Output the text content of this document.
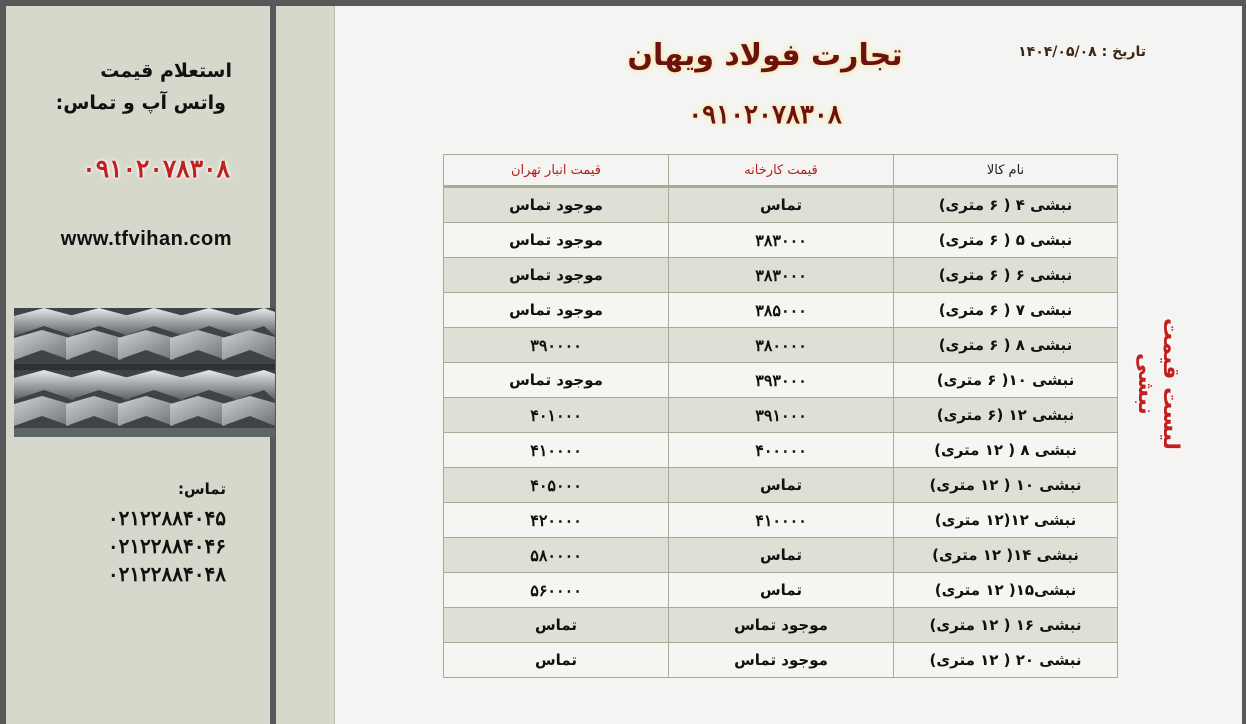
استعلام قیمت
واتس آپ و تماس:
۰۹۱۰۲۰۷۸۳۰۸
www.tfvihan.com
تماس:
۰۲۱۲۲۸۸۴۰۴۵
۰۲۱۲۲۸۸۴۰۴۶
۰۲۱۲۲۸۸۴۰۴۸
تاریخ : ۱۴۰۴/۰۵/۰۸
تجارت فولاد ویهان
۰۹۱۰۲۰۷۸۳۰۸
لیست قیمت نبشی
نام کالا	قیمت کارخانه	قیمت انبار تهران
نبشی ۴ ( ۶ متری)	تماس	موجود تماس
نبشی ۵ ( ۶ متری)	۳۸۳۰۰۰	موجود تماس
نبشی ۶ ( ۶ متری)	۳۸۳۰۰۰	موجود تماس
نبشی ۷ ( ۶ متری)	۳۸۵۰۰۰	موجود تماس
نبشی ۸ ( ۶ متری)	۳۸۰۰۰۰	۳۹۰۰۰۰
نبشی ۱۰( ۶ متری)	۳۹۳۰۰۰	موجود تماس
نبشی ۱۲ (۶ متری)	۳۹۱۰۰۰	۴۰۱۰۰۰
نبشی ۸ ( ۱۲ متری)	۴۰۰۰۰۰	۴۱۰۰۰۰
نبشی ۱۰ ( ۱۲ متری)	تماس	۴۰۵۰۰۰
نبشی ۱۲(۱۲ متری)	۴۱۰۰۰۰	۴۲۰۰۰۰
نبشی ۱۴( ۱۲ متری)	تماس	۵۸۰۰۰۰
نبشی۱۵( ۱۲ متری)	تماس	۵۶۰۰۰۰
نبشی ۱۶ ( ۱۲ متری)	موجود تماس	تماس
نبشی ۲۰ ( ۱۲ متری)	موجود تماس	تماس
